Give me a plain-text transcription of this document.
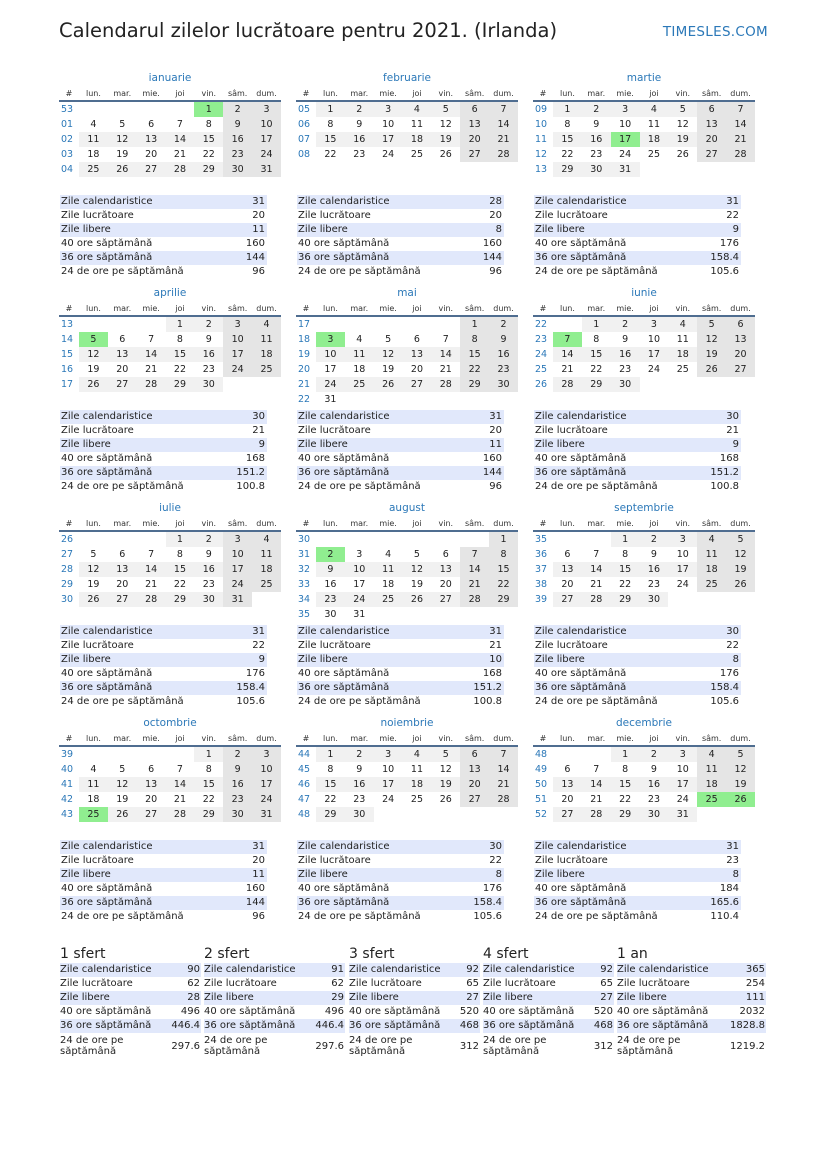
Calendarul zilelor lucrătoare pentru 2021. (Irlanda)	TIMESLES.COM
ianuarie
#	lun.	mar.	mie.	joi	vin.	sâm.	dum.
53					1	2	3
01	4	5	6	7	8	9	10
02	11	12	13	14	15	16	17
03	18	19	20	21	22	23	24
04	25	26	27	28	29	30	31
Zile calendaristice	31
Zile lucrătoare	20
Zile libere	11
40 ore săptămână	160
36 ore săptămână	144
24 de ore pe săptămână	96
februarie
#	lun.	mar.	mie.	joi	vin.	sâm.	dum.
05	1	2	3	4	5	6	7
06	8	9	10	11	12	13	14
07	15	16	17	18	19	20	21
08	22	23	24	25	26	27	28
Zile calendaristice	28
Zile lucrătoare	20
Zile libere	8
40 ore săptămână	160
36 ore săptămână	144
24 de ore pe săptămână	96
martie
#	lun.	mar.	mie.	joi	vin.	sâm.	dum.
09	1	2	3	4	5	6	7
10	8	9	10	11	12	13	14
11	15	16	17	18	19	20	21
12	22	23	24	25	26	27	28
13	29	30	31				
Zile calendaristice	31
Zile lucrătoare	22
Zile libere	9
40 ore săptămână	176
36 ore săptămână	158.4
24 de ore pe săptămână	105.6
aprilie
#	lun.	mar.	mie.	joi	vin.	sâm.	dum.
13				1	2	3	4
14	5	6	7	8	9	10	11
15	12	13	14	15	16	17	18
16	19	20	21	22	23	24	25
17	26	27	28	29	30		
Zile calendaristice	30
Zile lucrătoare	21
Zile libere	9
40 ore săptămână	168
36 ore săptămână	151.2
24 de ore pe săptămână	100.8
mai
#	lun.	mar.	mie.	joi	vin.	sâm.	dum.
17						1	2
18	3	4	5	6	7	8	9
19	10	11	12	13	14	15	16
20	17	18	19	20	21	22	23
21	24	25	26	27	28	29	30
22	31						
Zile calendaristice	31
Zile lucrătoare	20
Zile libere	11
40 ore săptămână	160
36 ore săptămână	144
24 de ore pe săptămână	96
iunie
#	lun.	mar.	mie.	joi	vin.	sâm.	dum.
22		1	2	3	4	5	6
23	7	8	9	10	11	12	13
24	14	15	16	17	18	19	20
25	21	22	23	24	25	26	27
26	28	29	30				
Zile calendaristice	30
Zile lucrătoare	21
Zile libere	9
40 ore săptămână	168
36 ore săptămână	151.2
24 de ore pe săptămână	100.8
iulie
#	lun.	mar.	mie.	joi	vin.	sâm.	dum.
26				1	2	3	4
27	5	6	7	8	9	10	11
28	12	13	14	15	16	17	18
29	19	20	21	22	23	24	25
30	26	27	28	29	30	31	
Zile calendaristice	31
Zile lucrătoare	22
Zile libere	9
40 ore săptămână	176
36 ore săptămână	158.4
24 de ore pe săptămână	105.6
august
#	lun.	mar.	mie.	joi	vin.	sâm.	dum.
30							1
31	2	3	4	5	6	7	8
32	9	10	11	12	13	14	15
33	16	17	18	19	20	21	22
34	23	24	25	26	27	28	29
35	30	31					
Zile calendaristice	31
Zile lucrătoare	21
Zile libere	10
40 ore săptămână	168
36 ore săptămână	151.2
24 de ore pe săptămână	100.8
septembrie
#	lun.	mar.	mie.	joi	vin.	sâm.	dum.
35			1	2	3	4	5
36	6	7	8	9	10	11	12
37	13	14	15	16	17	18	19
38	20	21	22	23	24	25	26
39	27	28	29	30			
Zile calendaristice	30
Zile lucrătoare	22
Zile libere	8
40 ore săptămână	176
36 ore săptămână	158.4
24 de ore pe săptămână	105.6
octombrie
#	lun.	mar.	mie.	joi	vin.	sâm.	dum.
39					1	2	3
40	4	5	6	7	8	9	10
41	11	12	13	14	15	16	17
42	18	19	20	21	22	23	24
43	25	26	27	28	29	30	31
Zile calendaristice	31
Zile lucrătoare	20
Zile libere	11
40 ore săptămână	160
36 ore săptămână	144
24 de ore pe săptămână	96
noiembrie
#	lun.	mar.	mie.	joi	vin.	sâm.	dum.
44	1	2	3	4	5	6	7
45	8	9	10	11	12	13	14
46	15	16	17	18	19	20	21
47	22	23	24	25	26	27	28
48	29	30					
Zile calendaristice	30
Zile lucrătoare	22
Zile libere	8
40 ore săptămână	176
36 ore săptămână	158.4
24 de ore pe săptămână	105.6
decembrie
#	lun.	mar.	mie.	joi	vin.	sâm.	dum.
48			1	2	3	4	5
49	6	7	8	9	10	11	12
50	13	14	15	16	17	18	19
51	20	21	22	23	24	25	26
52	27	28	29	30	31		
Zile calendaristice	31
Zile lucrătoare	23
Zile libere	8
40 ore săptămână	184
36 ore săptămână	165.6
24 de ore pe săptămână	110.4
1 sfert
Zile calendaristice	90
Zile lucrătoare	62
Zile libere	28
40 ore săptămână	496
36 ore săptămână 446.4
24 de ore pe săptămână	297.6
2 sfert
Zile calendaristice	91
Zile lucrătoare	62
Zile libere	29
40 ore săptămână	496
36 ore săptămână 446.4
24 de ore pe săptămână	297.6
3 sfert
Zile calendaristice	92
Zile lucrătoare	65
Zile libere	27
40 ore săptămână 520
36 ore săptămână 468
24 de ore pe săptămână	312
4 sfert
Zile calendaristice	92
Zile lucrătoare	65
Zile libere	27
40 ore săptămână 520
36 ore săptămână 468
24 de ore pe săptămână	312
1 an
Zile calendaristice	365
Zile lucrătoare	254
Zile libere	111
40 ore săptămână	2032
36 ore săptămână 1828.8
24 de ore pe săptămână	1219.2
